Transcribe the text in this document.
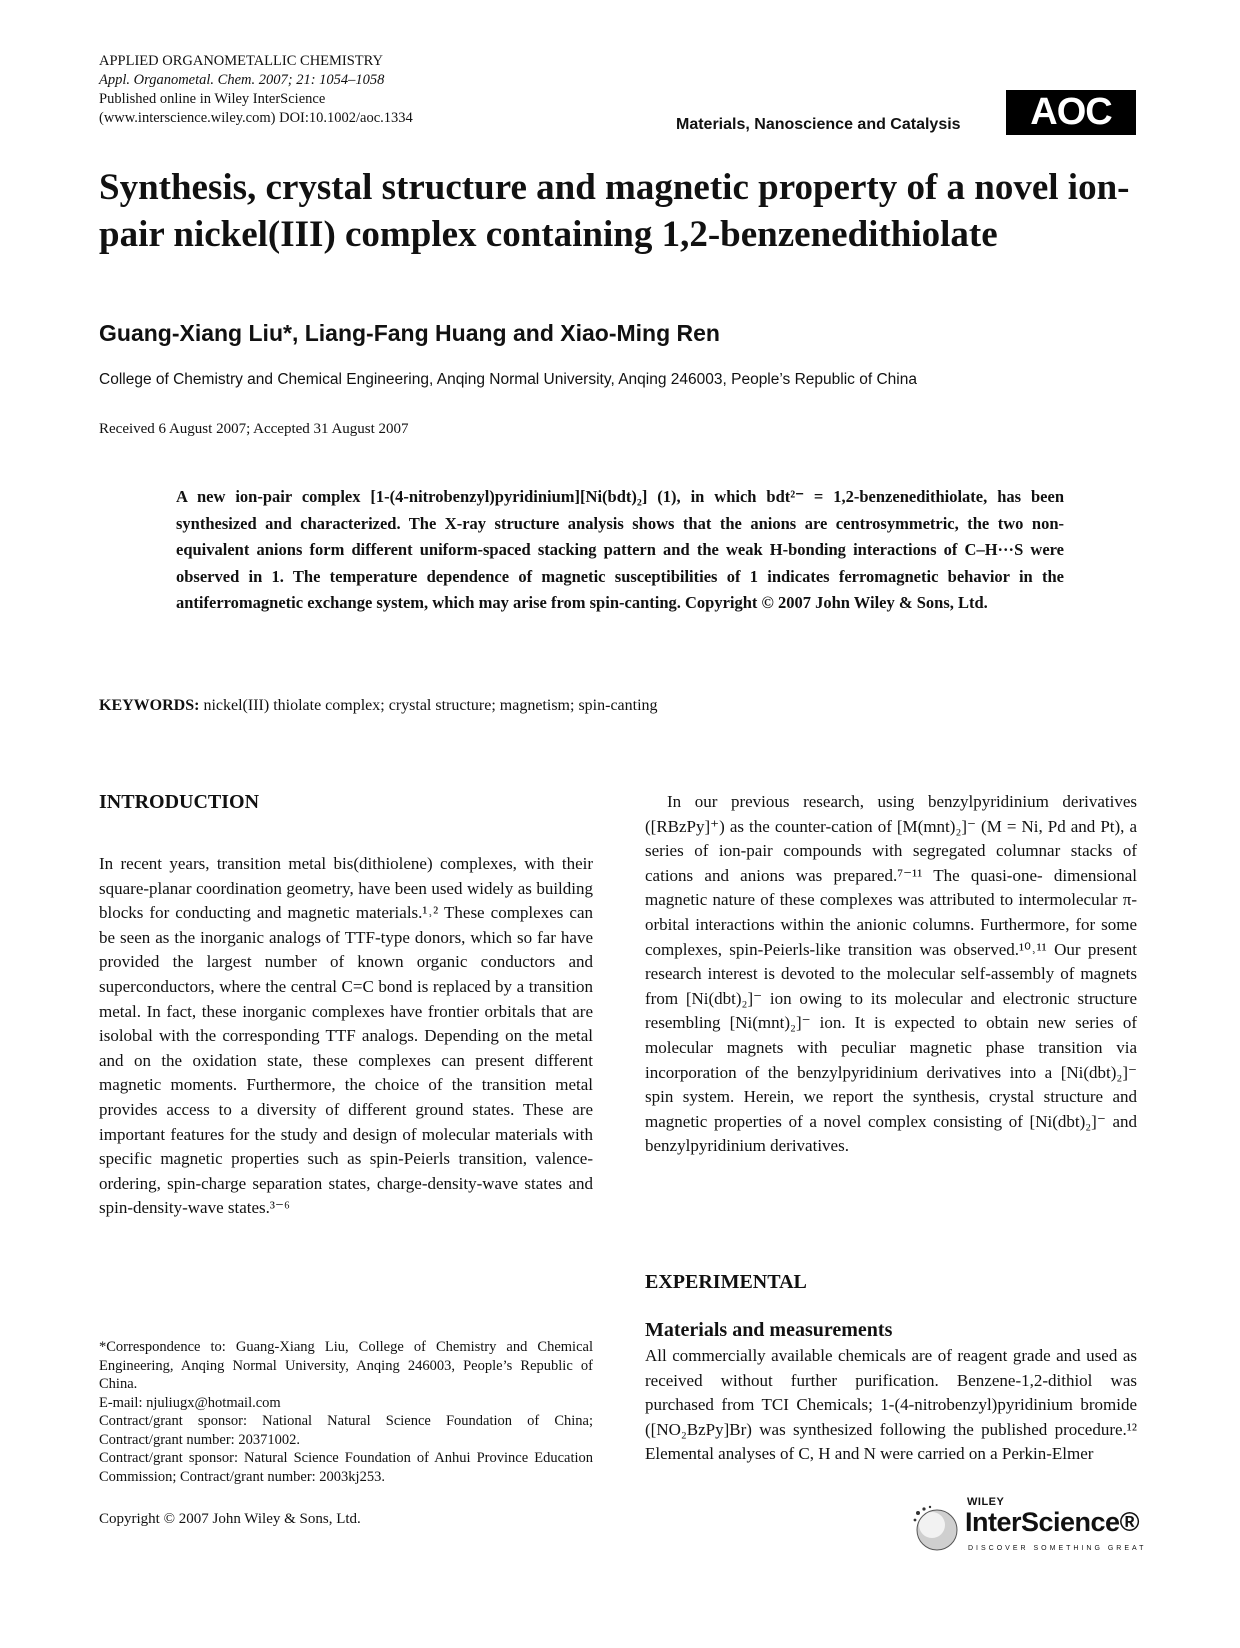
APPLIED ORGANOMETALLIC CHEMISTRY
Appl. Organometal. Chem. 2007; 21: 1054–1058
Published online in Wiley InterScience
(www.interscience.wiley.com) DOI:10.1002/aoc.1334	Materials, Nanoscience and Catalysis	AOC
Synthesis, crystal structure and magnetic property of a novel ion-pair nickel(III) complex containing 1,2-benzenedithiolate
Guang-Xiang Liu*, Liang-Fang Huang and Xiao-Ming Ren
College of Chemistry and Chemical Engineering, Anqing Normal University, Anqing 246003, People’s Republic of China
Received 6 August 2007; Accepted 31 August 2007
A new ion-pair complex [1-(4-nitrobenzyl)pyridinium][Ni(bdt)₂] (1), in which bdt²⁻ = 1,2-benzenedithiolate, has been synthesized and characterized. The X-ray structure analysis shows that the anions are centrosymmetric, the two non-equivalent anions form different uniform-spaced stacking pattern and the weak H-bonding interactions of C–H···S were observed in 1. The temperature dependence of magnetic susceptibilities of 1 indicates ferromagnetic behavior in the antiferromagnetic exchange system, which may arise from spin-canting. Copyright © 2007 John Wiley & Sons, Ltd.
KEYWORDS: nickel(III) thiolate complex; crystal structure; magnetism; spin-canting
INTRODUCTION
In recent years, transition metal bis(dithiolene) complexes, with their square-planar coordination geometry, have been used widely as building blocks for conducting and magnetic materials.¹˒² These complexes can be seen as the inorganic analogs of TTF-type donors, which so far have provided the largest number of known organic conductors and superconductors, where the central C=C bond is replaced by a transition metal. In fact, these inorganic complexes have frontier orbitals that are isolobal with the corresponding TTF analogs. Depending on the metal and on the oxidation state, these complexes can present different magnetic moments. Furthermore, the choice of the transition metal provides access to a diversity of different ground states. These are important features for the study and design of molecular materials with specific magnetic properties such as spin-Peierls transition, valence-ordering, spin-charge separation states, charge-density-wave states and spin-density-wave states.³⁻⁶

*Correspondence to: Guang-Xiang Liu, College of Chemistry and Chemical Engineering, Anqing Normal University, Anqing 246003, People’s Republic of China.

E-mail: njuliugx@hotmail.com

Contract/grant sponsor: National Natural Science Foundation of China; Contract/grant number: 20371002.

Contract/grant sponsor: Natural Science Foundation of Anhui Province Education Commission; Contract/grant number: 2003kj253.

Copyright © 2007 John Wiley & Sons, Ltd.
In our previous research, using benzylpyridinium derivatives ([RBzPy]⁺) as the counter-cation of [M(mnt)₂]⁻ (M = Ni, Pd and Pt), a series of ion-pair compounds with segregated columnar stacks of cations and anions was prepared.⁷⁻¹¹ The quasi-one- dimensional magnetic nature of these complexes was attributed to intermolecular π-orbital interactions within the anionic columns. Furthermore, for some complexes, spin-Peierls-like transition was observed.¹⁰˒¹¹ Our present research interest is devoted to the molecular self-assembly of magnets from [Ni(dbt)₂]⁻ ion owing to its molecular and electronic structure resembling [Ni(mnt)₂]⁻ ion. It is expected to obtain new series of molecular magnets with peculiar magnetic phase transition via incorporation of the benzylpyridinium derivatives into a [Ni(dbt)₂]⁻ spin system. Herein, we report the synthesis, crystal structure and magnetic properties of a novel complex consisting of [Ni(dbt)₂]⁻ and benzylpyridinium derivatives.
EXPERIMENTAL
Materials and measurements
All commercially available chemicals are of reagent grade and used as received without further purification. Benzene-1,2-dithiol was purchased from TCI Chemicals; 1-(4-nitrobenzyl)pyridinium bromide ([NO₂BzPy]Br) was synthesized following the published procedure.¹² Elemental analyses of C, H and N were carried on a Perkin-Elmer
WILEY
InterScience®
DISCOVER SOMETHING GREAT
